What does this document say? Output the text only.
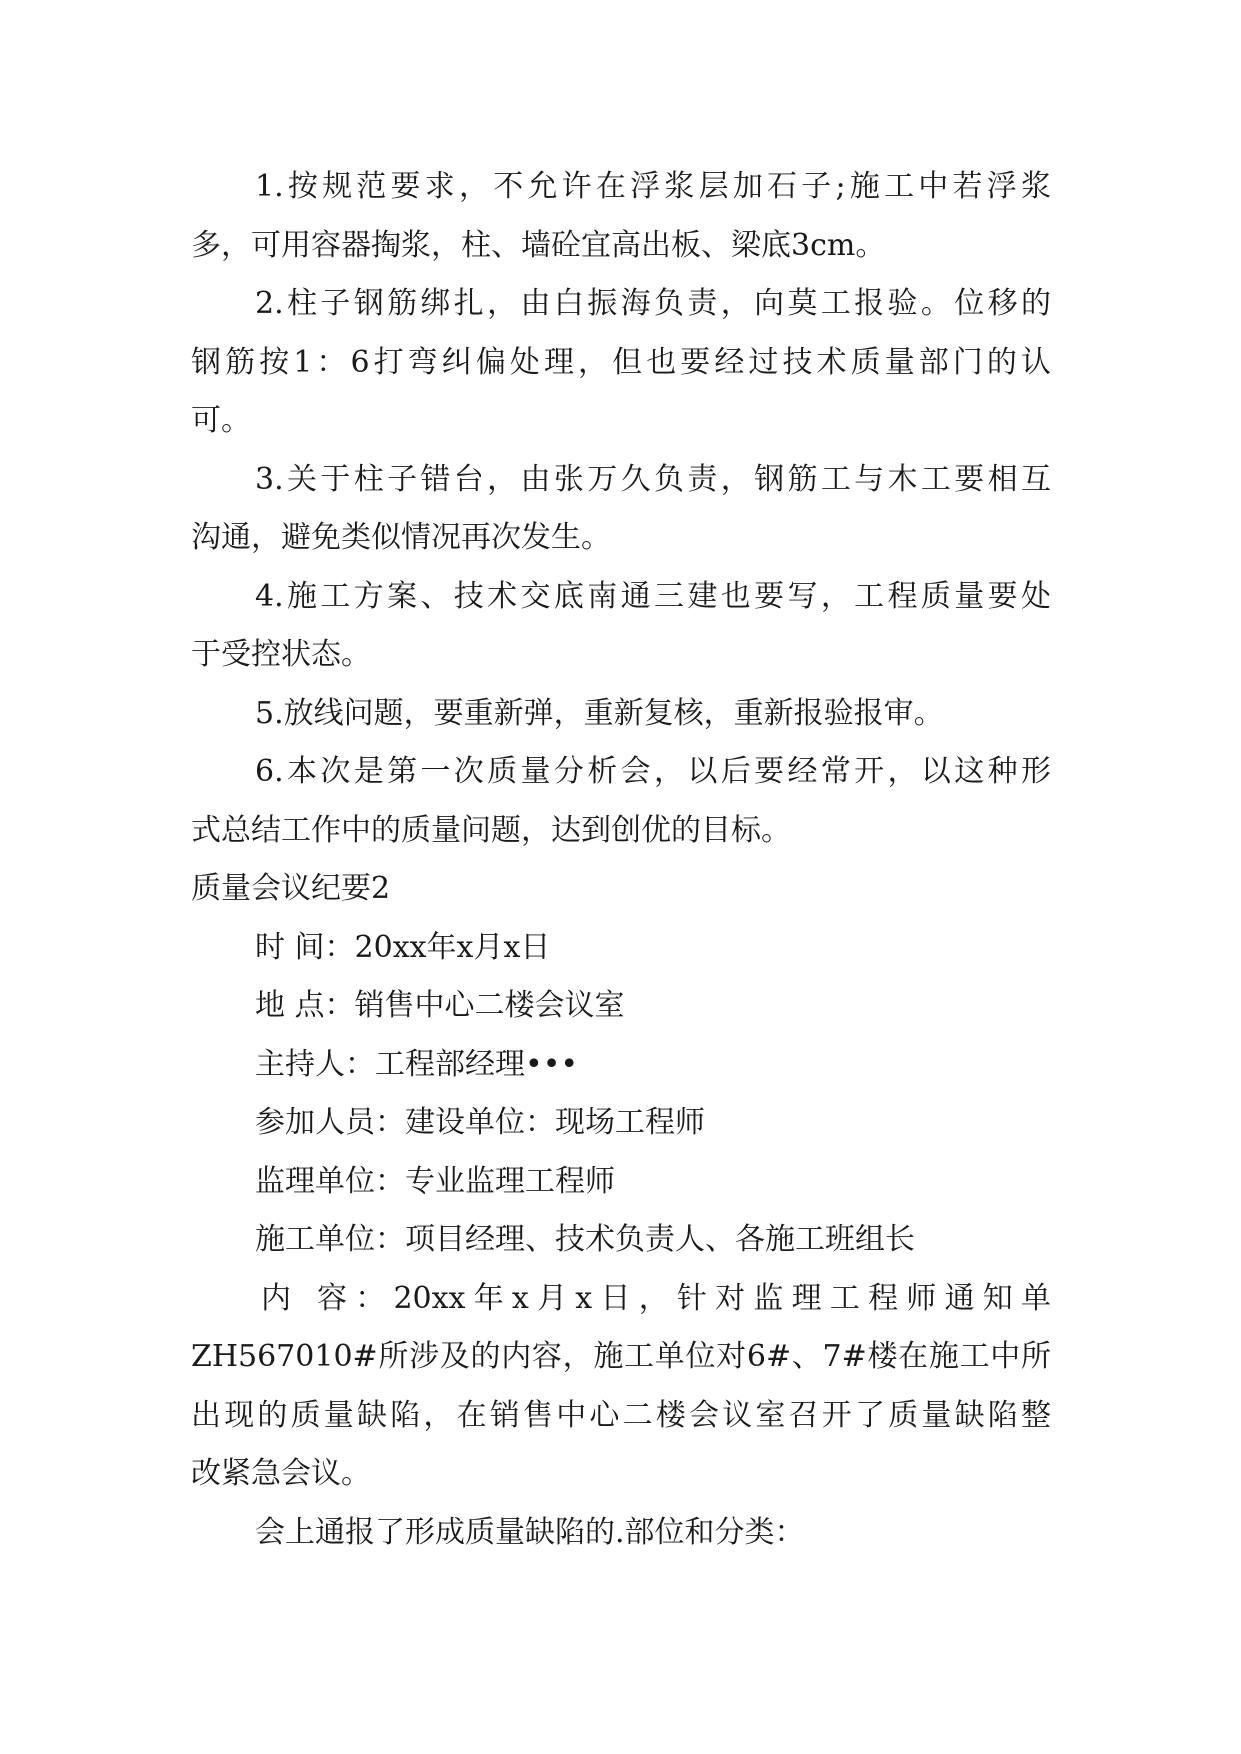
1.按规范要求，不允许在浮浆层加石子;施工中若浮浆
多，可用容器掏浆，柱、墙砼宜高出板、梁底3cm。
2.柱子钢筋绑扎，由白振海负责，向莫工报验。位移的
钢筋按1：6打弯纠偏处理，但也要经过技术质量部门的认
可。
3.关于柱子错台，由张万久负责，钢筋工与木工要相互
沟通，避免类似情况再次发生。
4.施工方案、技术交底南通三建也要写，工程质量要处
于受控状态。
5.放线问题，要重新弹，重新复核，重新报验报审。
6.本次是第一次质量分析会，以后要经常开，以这种形
式总结工作中的质量问题，达到创优的目标。
质量会议纪要2
时 间：20xx年x月x日
地 点：销售中心二楼会议室
主持人：工程部经理•••
参加人员：建设单位：现场工程师
监理单位：专业监理工程师
施工单位：项目经理、技术负责人、各施工班组长
内 容：20xx年x月x日，针对监理工程师通知单
ZH567010#所涉及的内容，施工单位对6#、7#楼在施工中所
出现的质量缺陷，在销售中心二楼会议室召开了质量缺陷整
改紧急会议。
会上通报了形成质量缺陷的.部位和分类：
